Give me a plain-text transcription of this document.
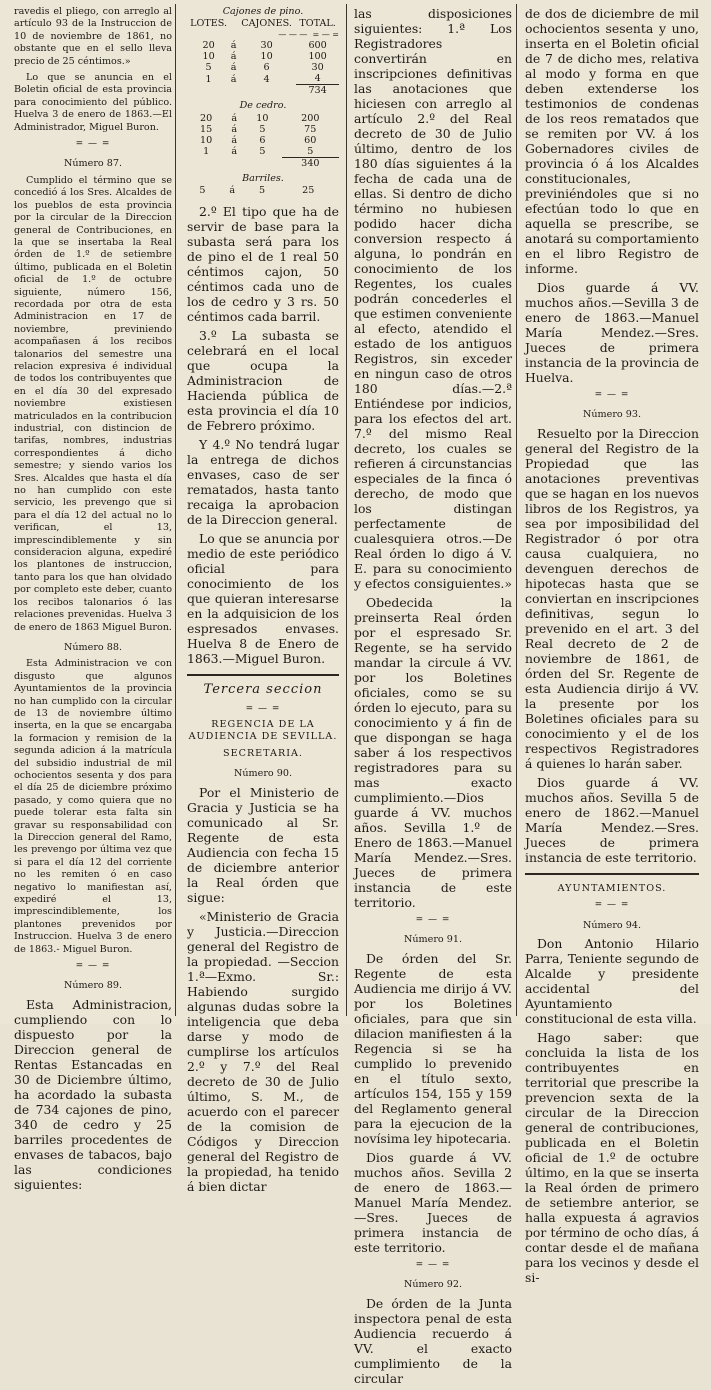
ravedis el pliego, con arreglo al artículo 93 de la Instruccion de 10 de noviembre de 1861, no obstante que en el sello lleva precio de 25 céntimos.»

Lo que se anuncia en el Boletin oficial de esta provincia para conocimiento del público. Huelva 3 de enero de 1863.—El Administrador, Miguel Buron.

= — =
Número 87.

Cumplido el término que se concedió á los Sres. Alcaldes de los pueblos de esta provincia por la circular de la Direccion general de Contribuciones, en la que se insertaba la Real órden de 1.º de setiembre último, publicada en el Boletin oficial de 1.º de octubre siguiente, número 156, recordada por otra de esta Administracion en 17 de noviembre, previniendo acompañasen á los recibos talonarios del semestre una relacion expresiva é individual de todos los contribuyentes que en el día 30 del expresado noviembre existiesen matriculados en la contribucion industrial, con distincion de tarifas, nombres, industrias correspondientes á dicho semestre; y siendo varios los Sres. Alcaldes que hasta el día no han cumplido con este servicio, les prevengo que si para el día 12 del actual no lo verifican, el 13, imprescindiblemente y sin consideracion alguna, expediré los plantones de instruccion, tanto para los que han olvidado por completo este deber, cuanto los recibos talonarios ó las relaciones prevenidas. Huelva 3 de enero de 1863 Miguel Buron.

Número 88.

Esta Administracion ve con disgusto que algunos Ayuntamientos de la provincia no han cumplido con la circular de 13 de noviembre último inserta, en la que se encargaba la formacion y remision de la segunda adicion á la matrícula del subsidio industrial de mil ochocientos sesenta y dos para el día 25 de diciembre próximo pasado, y como quiera que no puede tolerar esta falta sin gravar su responsabilidad con la Direccion general del Ramo, les prevengo por última vez que si para el día 12 del corriente no les remiten ó en caso negativo lo manifiestan así, expediré el 13, imprescindiblemente, los plantones prevenidos por Instruccion. Huelva 3 de enero de 1863.- Miguel Buron.

= — =
Número 89.

Esta Administracion, cumpliendo con lo dispuesto por la Direccion general de Rentas Estancadas en 30 de Diciembre último, ha acordado la subasta de 734 cajones de pino, 340 de cedro y 25 barriles procedentes de envases de tabacos, bajo las condiciones siguientes:

Cajones de pino.
LOTES.		CAJONES.	TOTAL.
— — —  = — =			
20	á	30	600
10	á	10	100
5	á	6	30
1	á	4	4
			734
De cedro.
20	á	10	200
15	á	5	75
10	á	6	60
1	á	5	5
			340
Barriles.
5	á	5	25

2.º El tipo que ha de servir de base para la subasta será para los de pino el de 1 real 50 céntimos cajon, 50 céntimos cada uno de los de cedro y 3 rs. 50 céntimos cada barril.

3.º La subasta se celebrará en el local que ocupa la Administracion de Hacienda pública de esta provincia el día 10 de Febrero próximo.

Y 4.º No tendrá lugar la entrega de dichos envases, caso de ser rematados, hasta tanto recaiga la aprobacion de la Direccion general.

Lo que se anuncia por medio de este periódico oficial para conocimiento de los que quieran interesarse en la adquisicion de los espresados envases. Huelva 8 de Enero de 1863.—Miguel Buron.

Tercera seccion
= — =
REGENCIA DE LA AUDIENCIA DE SEVILLA.
SECRETARIA.
Número 90.

Por el Ministerio de Gracia y Justicia se ha comunicado al Sr. Regente de esta Audiencia con fecha 15 de diciembre anterior la Real órden que sigue:

«Ministerio de Gracia y Justicia.—Direccion general del Registro de la propiedad. —Seccion 1.ª—Exmo. Sr.: Habiendo surgido algunas dudas sobre la inteligencia que deba darse y modo de cumplirse los artículos 2.º y 7.º del Real decreto de 30 de Julio último, S. M., de acuerdo con el parecer de la comision de Códigos y Direccion general del Registro de la propiedad, ha tenido á bien dictar

las disposiciones siguientes: 1.ª Los Registradores convertirán en inscripciones definitivas las anotaciones que hiciesen con arreglo al artículo 2.º del Real decreto de 30 de Julio último, dentro de los 180 días siguientes á la fecha de cada una de ellas. Si dentro de dicho término no hubiesen podido hacer dicha conversion respecto á alguna, lo pondrán en conocimiento de los Regentes, los cuales podrán concederles el que estimen conveniente al efecto, atendido el estado de los antiguos Registros, sin exceder en ningun caso de otros 180 días.—2.ª Entiéndese por indicios, para los efectos del art. 7.º del mismo Real decreto, los cuales se refieren á circunstancias especiales de la finca ó derecho, de modo que los distingan perfectamente de cualesquiera otros.—De Real órden lo digo á V. E. para su conocimiento y efectos consiguientes.»

Obedecida la preinserta Real órden por el espresado Sr. Regente, se ha servido mandar la circule á VV. por los Boletines oficiales, como se su órden lo ejecuto, para su conocimiento y á fin de que dispongan se haga saber á los respectivos registradores para su mas exacto cumplimiento.—Dios guarde á VV. muchos años. Sevilla 1.º de Enero de 1863.—Manuel María Mendez.—Sres. Jueces de primera instancia de este territorio.

= — =
Número 91.

De órden del Sr. Regente de esta Audiencia me dirijo á VV. por los Boletines oficiales, para que sin dilacion manifiesten á la Regencia si se ha cumplido lo prevenido en el título sexto, artículos 154, 155 y 159 del Reglamento general para la ejecucion de la novísima ley hipotecaria.

Dios guarde á VV. muchos años. Sevilla 2 de enero de 1863.—Manuel María Mendez. —Sres. Jueces de primera instancia de este territorio.

= — =
Número 92.

De órden de la Junta inspectora penal de esta Audiencia recuerdo á VV. el exacto cumplimiento de la circular

de dos de diciembre de mil ochocientos sesenta y uno, inserta en el Boletin oficial de 7 de dicho mes, relativa al modo y forma en que deben extenderse los testimonios de condenas de los reos rematados que se remiten por VV. á los Gobernadores civiles de provincia ó á los Alcaldes constitucionales, previniéndoles que si no efectúan todo lo que en aquella se prescribe, se anotará su comportamiento en el libro Registro de informe.

Dios guarde á VV. muchos años.—Sevilla 3 de enero de 1863.—Manuel María Mendez.—Sres. Jueces de primera instancia de la provincia de Huelva.

= — =
Número 93.

Resuelto por la Direccion general del Registro de la Propiedad que las anotaciones preventivas que se hagan en los nuevos libros de los Registros, ya sea por imposibilidad del Registrador ó por otra causa cualquiera, no devenguen derechos de hipotecas hasta que se conviertan en inscripciones definitivas, segun lo prevenido en el art. 3 del Real decreto de 2 de noviembre de 1861, de órden del Sr. Regente de esta Audiencia dirijo á VV. la presente por los Boletines oficiales para su conocimiento y el de los respectivos Registradores á quienes lo harán saber.

Dios guarde á VV. muchos años. Sevilla 5 de enero de 1862.—Manuel María Mendez.—Sres. Jueces de primera instancia de este territorio.

AYUNTAMIENTOS.
= — =
Número 94.

Don Antonio Hilario Parra, Teniente segundo de Alcalde y presidente accidental del Ayuntamiento constitucional de esta villa.

Hago saber: que concluida la lista de los contribuyentes en territorial que prescribe la prevencion sexta de la circular de la Direccion general de contribuciones, publicada en el Boletin oficial de 1.º de octubre último, en la que se inserta la Real órden de primero de setiembre anterior, se halla expuesta á agravios por término de ocho días, á contar desde el de mañana para los vecinos y desde el si-
